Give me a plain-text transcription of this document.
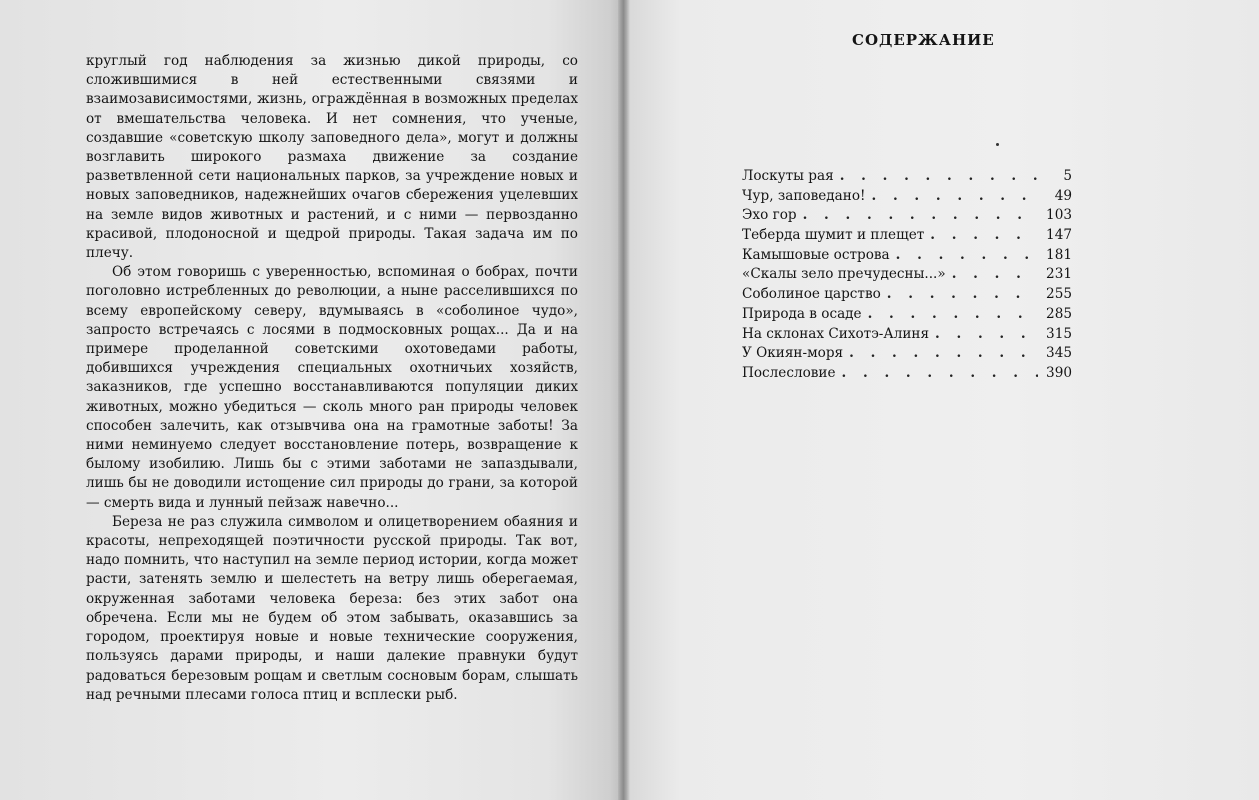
круглый год наблюдения за жизнью дикой природы, со сложившимися в ней естественными связями и взаимозависимостями, жизнь, ограждённая в возможных пределах от вмешательства человека. И нет сомнения, что ученые, создавшие «советскую школу заповедного дела», могут и должны возглавить широкого размаха движение за создание разветвленной сети национальных парков, за учреждение новых и новых заповедников, надежнейших очагов сбережения уцелевших на земле видов животных и растений, и с ними — первозданно красивой, плодоносной и щедрой природы. Такая задача им по плечу.

Об этом говоришь с уверенностью, вспоминая о бобрах, почти поголовно истребленных до революции, а ныне расселившихся по всему европейскому северу, вдумываясь в «соболиное чудо», запросто встречаясь с лосями в подмосковных рощах... Да и на примере проделанной советскими охотоведами работы, добившихся учреждения специальных охотничьих хозяйств, заказников, где успешно восстанавливаются популяции диких животных, можно убедиться — сколь много ран природы человек способен залечить, как отзывчива она на грамотные заботы! За ними неминуемо следует восстановление потерь, возвращение к былому изобилию. Лишь бы с этими заботами не запаздывали, лишь бы не доводили истощение сил природы до грани, за которой — смерть вида и лунный пейзаж навечно...

Береза не раз служила символом и олицетворением обаяния и красоты, непреходящей поэтичности русской природы. Так вот, надо помнить, что наступил на земле период истории, когда может расти, затенять землю и шелестеть на ветру лишь оберегаемая, окруженная заботами человека береза: без этих забот она обречена. Если мы не будем об этом забывать, оказавшись за городом, проектируя новые и новые технические сооружения, пользуясь дарами природы, и наши далекие правнуки будут радоваться березовым рощам и светлым сосновым борам, слышать над речными плесами голоса птиц и всплески рыб.

СОДЕРЖАНИЕ
Лоскуты рая . . .	5
Чур, заповедано! . . .	49
Эхо гор . . .	103
Теберда шумит и плещет . . .	147
Камышовые острова . . .	181
«Скалы зело пречудесны...» . . .	231
Соболиное царство . . .	255
Природа в осаде . . .	285
На склонах Сихотэ-Алиня . . .	315
У Окиян-моря . . .	345
Послесловие . . .	390
